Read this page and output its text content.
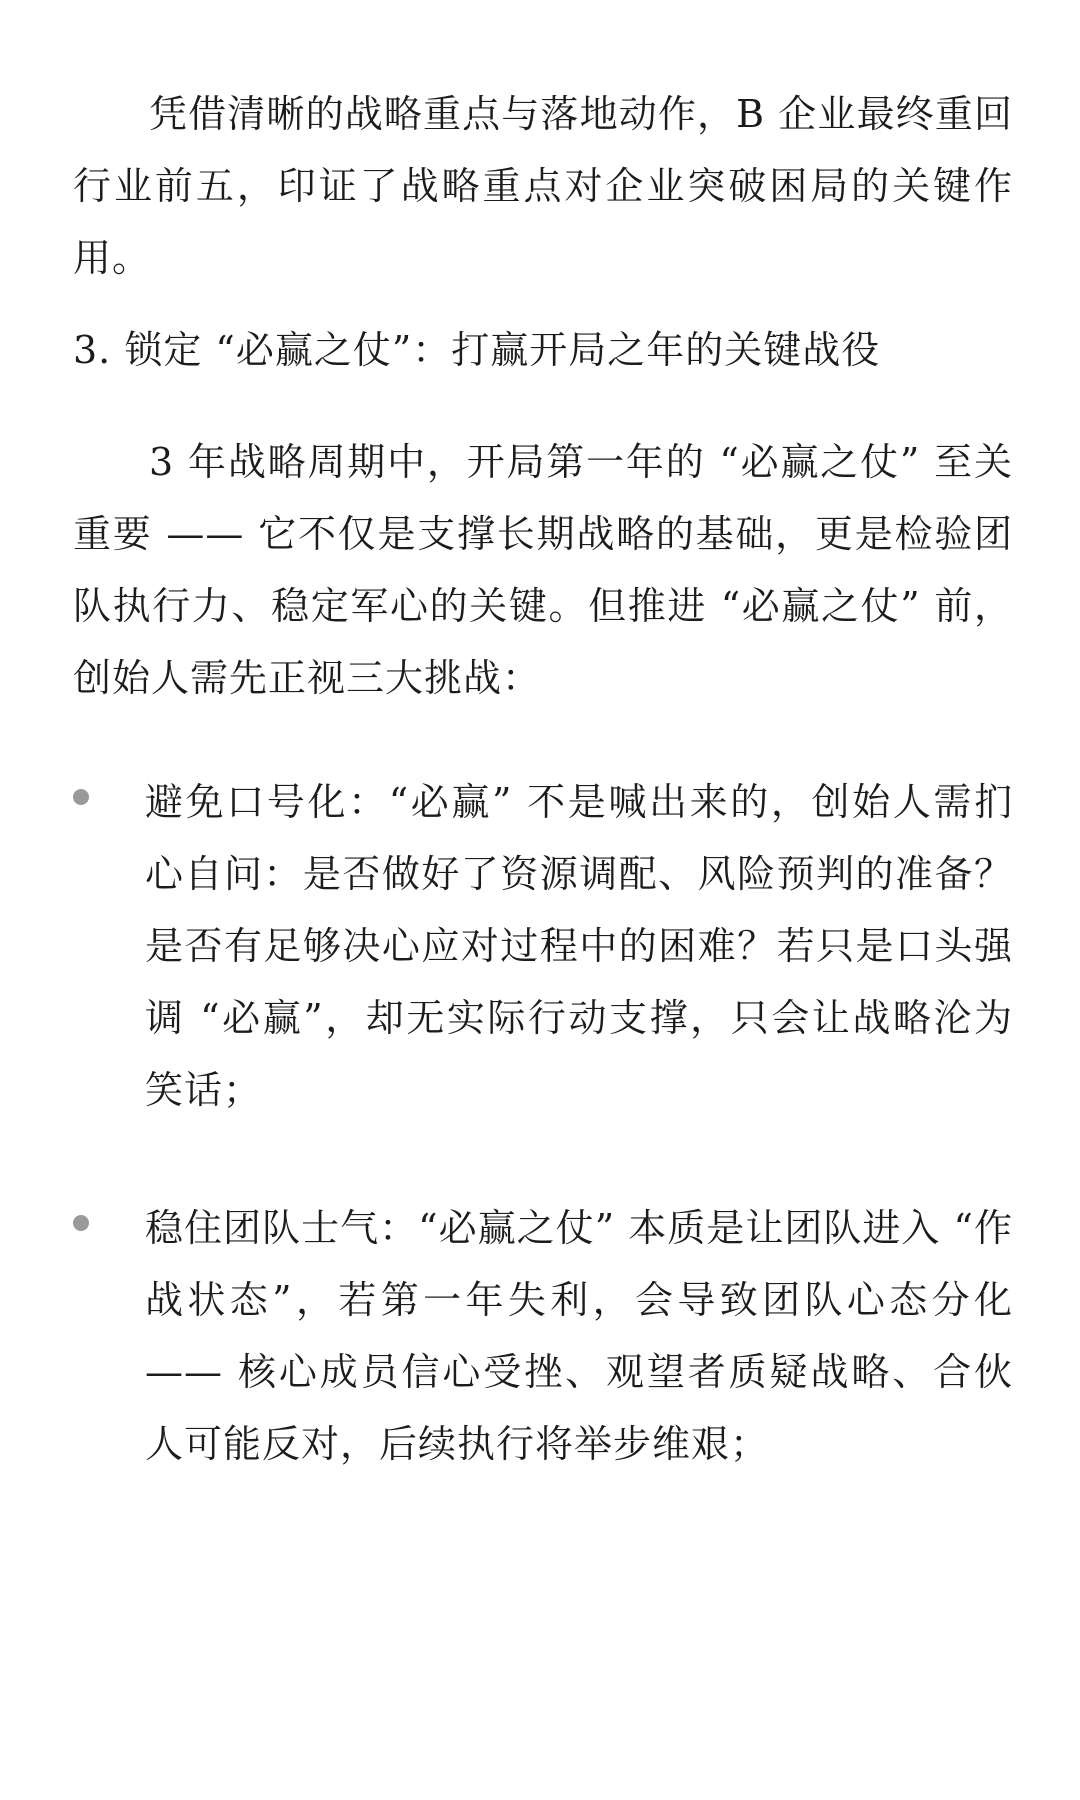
凭借清晰的战略重点与落地动作，B 企业最终重回行业前五，印证了战略重点对企业突破困局的关键作用。

3. 锁定 “必赢之仗”：打赢开局之年的关键战役

3 年战略周期中，开局第一年的 “必赢之仗” 至关重要 —— 它不仅是支撑长期战略的基础，更是检验团队执行力、稳定军心的关键。但推进 “必赢之仗” 前，创始人需先正视三大挑战：

避免口号化：“必赢” 不是喊出来的，创始人需扪心自问：是否做好了资源调配、风险预判的准备？是否有足够决心应对过程中的困难？若只是口头强调 “必赢”，却无实际行动支撑，只会让战略沦为笑话；
稳住团队士气：“必赢之仗” 本质是让团队进入 “作战状态”，若第一年失利，会导致团队心态分化 —— 核心成员信心受挫、观望者质疑战略、合伙人可能反对，后续执行将举步维艰；
